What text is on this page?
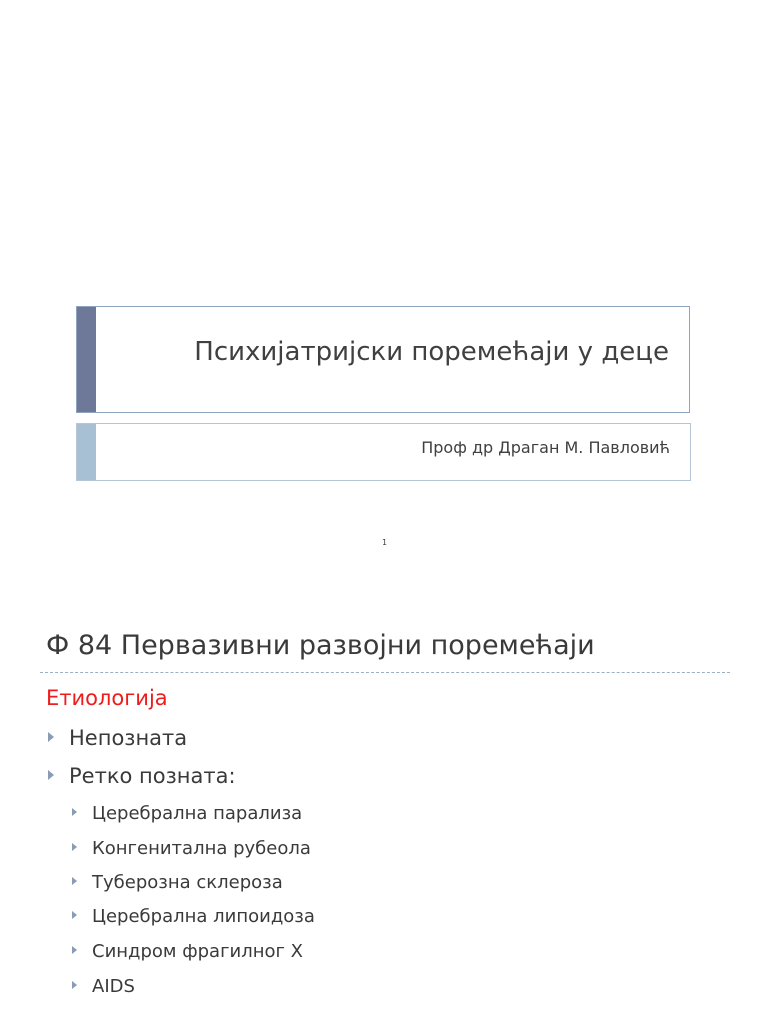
Психијатријски поремећаји у деце
Проф др Драган М. Павловић
1
Ф 84 Первазивни развојни поремећаји
Етиологија
Непозната
Ретко позната:
Церебрална парализа
Конгенитална рубеола
Туберозна склероза
Церебрална липоидоза
Синдром фрагилног Х
AIDS
